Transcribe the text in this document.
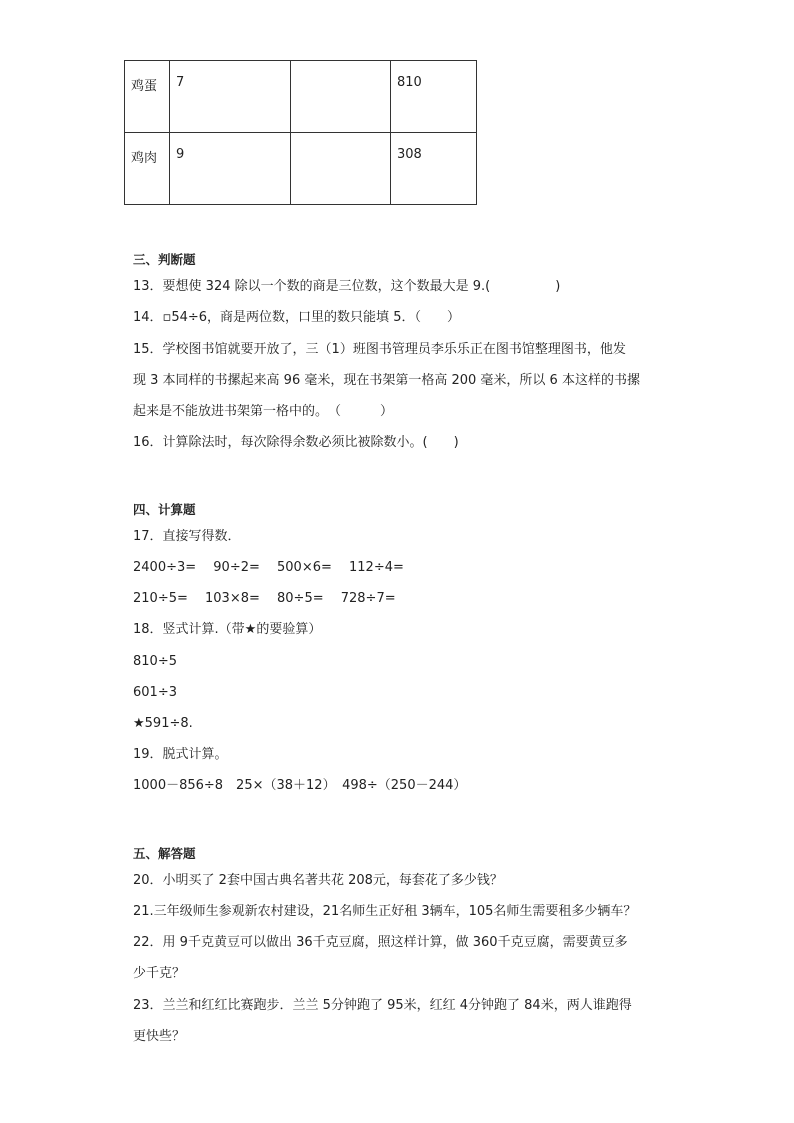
鸡蛋	7		810
鸡肉	9		308
三、判断题
13．要想使 324 除以一个数的商是三位数，这个数最大是 9.(　　　　　)
14．▫54÷6，商是两位数，口里的数只能填 5．（　　）
15．学校图书馆就要开放了，三（1）班图书管理员李乐乐正在图书馆整理图书，他发
现 3 本同样的书摞起来高 96 毫米，现在书架第一格高 200 毫米，所以 6 本这样的书摞
起来是不能放进书架第一格中的。　（　　　）
16．计算除法时，每次除得余数必须比被除数小。(　　)
四、计算题
17．直接写得数．
2400÷3=　 90÷2=　 500×6=　 112÷4=
210÷5=　 103×8=　 80÷5=　 728÷7=
18．竖式计算.（带★的要验算）
810÷5
601÷3
★591÷8.
19．脱式计算。
1000－856÷8　25×（38＋12）　498÷（250－244）
五、解答题
20．小明买了 2套中国古典名著共花 208元，每套花了多少钱？
21.三年级师生参观新农村建设，21名师生正好租 3辆车，105名师生需要租多少辆车？
22．用 9千克黄豆可以做出 36千克豆腐，照这样计算，做 360千克豆腐，需要黄豆多
少千克？
23．兰兰和红红比赛跑步．兰兰 5分钟跑了 95米，红红 4分钟跑了 84米，两人谁跑得
更快些？
